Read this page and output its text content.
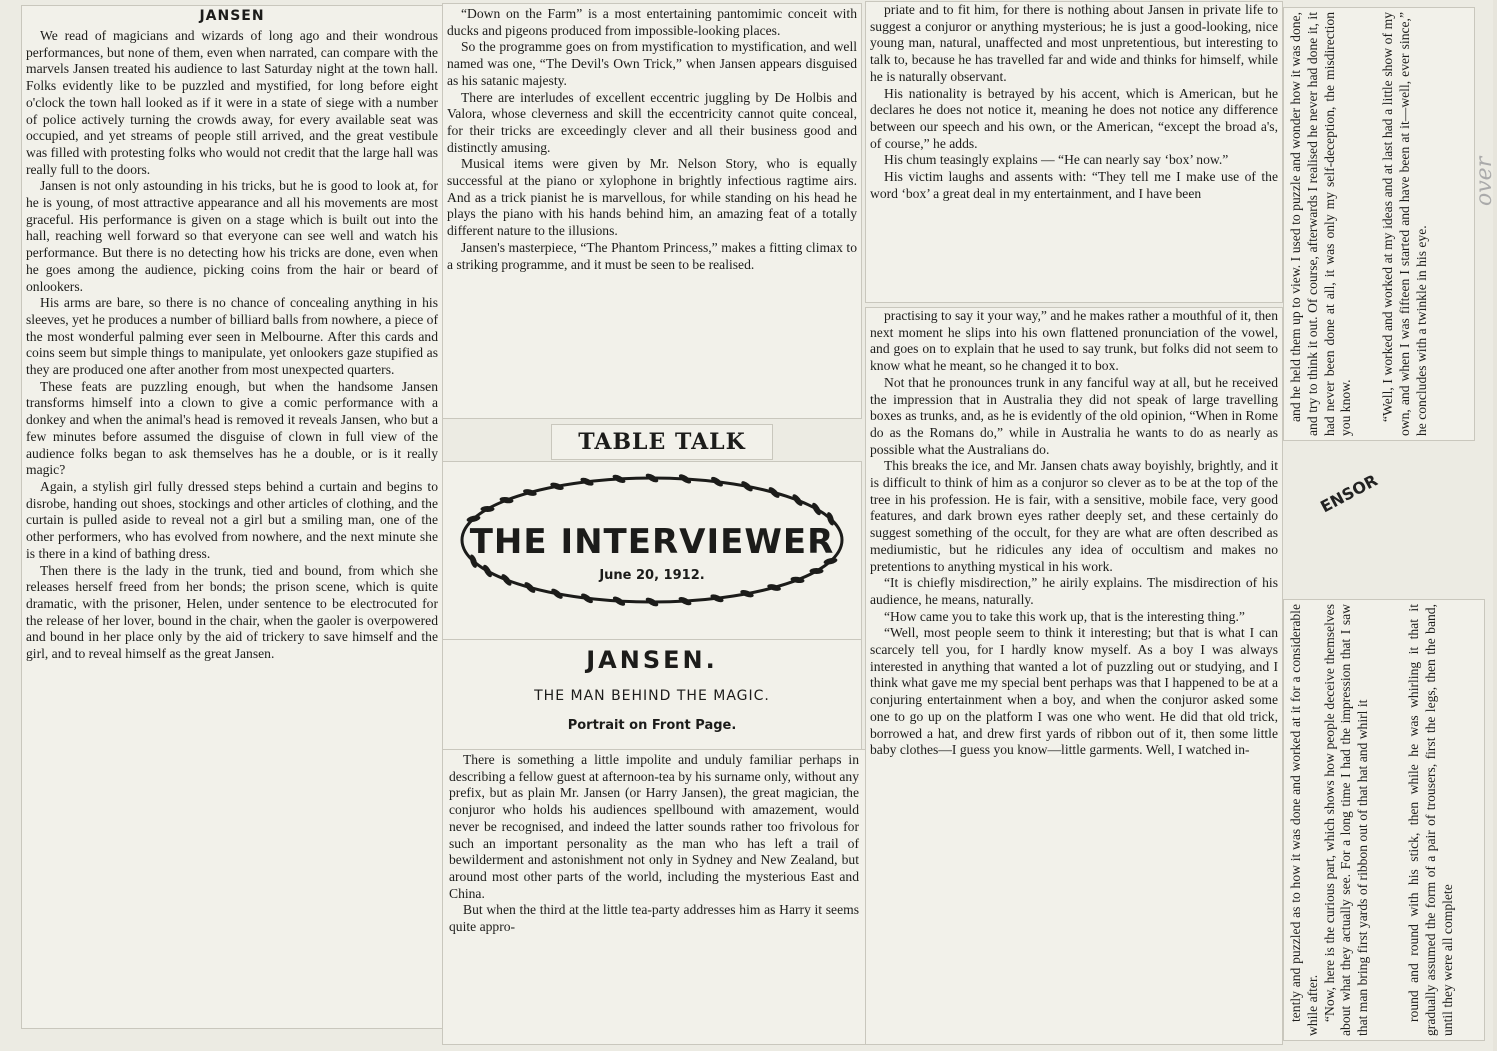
JANSEN

We read of magicians and wizards of long ago and their wondrous performances, but none of them, even when narrated, can compare with the marvels Jansen treated his audience to last Saturday night at the town hall. Folks evidently like to be puzzled and mystified, for long before eight o'clock the town hall looked as if it were in a state of siege with a number of police actively turning the crowds away, for every available seat was occupied, and yet streams of people still arrived, and the great vestibule was filled with protesting folks who would not credit that the large hall was really full to the doors.

Jansen is not only astounding in his tricks, but he is good to look at, for he is young, of most attractive appearance and all his movements are most graceful. His performance is given on a stage which is built out into the hall, reaching well forward so that everyone can see well and watch his performance. But there is no detecting how his tricks are done, even when he goes among the audience, picking coins from the hair or beard of onlookers.

His arms are bare, so there is no chance of concealing anything in his sleeves, yet he produces a number of billiard balls from nowhere, a piece of the most wonderful palming ever seen in Melbourne. After this cards and coins seem but simple things to manipulate, yet onlookers gaze stupified as they are produced one after another from most unexpected quarters.

These feats are puzzling enough, but when the handsome Jansen transforms himself into a clown to give a comic performance with a donkey and when the animal's head is removed it reveals Jansen, who but a few minutes before assumed the disguise of clown in full view of the audience folks began to ask themselves has he a double, or is it really magic?

Again, a stylish girl fully dressed steps behind a curtain and begins to disrobe, handing out shoes, stockings and other articles of clothing, and the curtain is pulled aside to reveal not a girl but a smiling man, one of the other performers, who has evolved from nowhere, and the next minute she is there in a kind of bathing dress.

Then there is the lady in the trunk, tied and bound, from which she releases herself freed from her bonds; the prison scene, which is quite dramatic, with the prisoner, Helen, under sentence to be electrocuted for the release of her lover, bound in the chair, when the gaoler is overpowered and bound in her place only by the aid of trickery to save himself and the girl, and to reveal himself as the great Jansen.

“Down on the Farm” is a most entertaining pantomimic conceit with ducks and pigeons produced from impossible-looking places.

So the programme goes on from mystification to mystification, and well named was one, “The Devil's Own Trick,” when Jansen appears disguised as his satanic majesty.

There are interludes of excellent eccentric juggling by De Holbis and Valora, whose cleverness and skill the eccentricity cannot quite conceal, for their tricks are exceedingly clever and all their business good and distinctly amusing.

Musical items were given by Mr. Nelson Story, who is equally successful at the piano or xylophone in brightly infectious ragtime airs. And as a trick pianist he is marvellous, for while standing on his head he plays the piano with his hands behind him, an amazing feat of a totally different nature to the illusions.

Jansen's masterpiece, “The Phantom Princess,” makes a fitting climax to a striking programme, and it must be seen to be realised.

TABLE TALK
THE INTERVIEWER
June 20, 1912.
JANSEN.
THE MAN BEHIND THE MAGIC.
Portrait on Front Page.

There is something a little impolite and unduly familiar perhaps in describing a fellow guest at afternoon-tea by his surname only, without any prefix, but as plain Mr. Jansen (or Harry Jansen), the great magician, the conjuror who holds his audiences spellbound with amazement, would never be recognised, and indeed the latter sounds rather too frivolous for such an important personality as the man who has left a trail of bewilderment and astonishment not only in Sydney and New Zealand, but around most other parts of the world, including the mysterious East and China.

But when the third at the little tea-party addresses him as Harry it seems quite appro-

priate and to fit him, for there is nothing about Jansen in private life to suggest a conjuror or anything mysterious; he is just a good-looking, nice young man, natural, unaffected and most unpretentious, but interesting to talk to, because he has travelled far and wide and thinks for himself, while he is naturally observant.

His nationality is betrayed by his accent, which is American, but he declares he does not notice it, meaning he does not notice any difference between our speech and his own, or the American, “except the broad a's, of course,” he adds.

His chum teasingly explains — “He can nearly say ‘box’ now.”

His victim laughs and assents with: “They tell me I make use of the word ‘box’ a great deal in my entertainment, and I have been

practising to say it your way,” and he makes rather a mouthful of it, then next moment he slips into his own flattened pronunciation of the vowel, and goes on to explain that he used to say trunk, but folks did not seem to know what he meant, so he changed it to box.

Not that he pronounces trunk in any fanciful way at all, but he received the impression that in Australia they did not speak of large travelling boxes as trunks, and, as he is evidently of the old opinion, “When in Rome do as the Romans do,” while in Australia he wants to do as nearly as possible what the Australians do.

This breaks the ice, and Mr. Jansen chats away boyishly, brightly, and it is difficult to think of him as a conjuror so clever as to be at the top of the tree in his profession. He is fair, with a sensitive, mobile face, very good features, and dark brown eyes rather deeply set, and these certainly do suggest something of the occult, for they are what are often described as mediumistic, but he ridicules any idea of occultism and makes no pretentions to anything mystical in his work.

“It is chiefly misdirection,” he airily explains. The misdirection of his audience, he means, naturally.

“How came you to take this work up, that is the interesting thing.”

“Well, most people seem to think it interesting; but that is what I can scarcely tell you, for I hardly know myself. As a boy I was always interested in anything that wanted a lot of puzzling out or studying, and I think what gave me my special bent perhaps was that I happened to be at a conjuring entertainment when a boy, and when the conjuror asked some one to go up on the platform I was one who went. He did that old trick, borrowed a hat, and drew first yards of ribbon out of it, then some little baby clothes—I guess you know—little garments. Well, I watched in-

and he held them up to view. I used to puzzle and wonder how it was done, and try to think it out. Of course, afterwards I realised he never had done it, it had never been done at all, it was only my self-deception, the misdirection you know. “Well, I worked and worked at my ideas and at last had a little show of my own, and when I was fifteen I started and have been at it—well, ever since,” he concludes with a twinkle in his eye.

ENSOR
over

tently and puzzled as to how it was done and worked at it for a considerable while after. “Now, here is the curious part, which shows how people deceive themselves about what they actually see. For a long time I had the impression that I saw that man bring first yards of ribbon out of that hat and whirl it	round and round with his stick, then while he was whirling it that it gradually assumed the form of a pair of trousers, first the legs, then the band, until they were all complete
